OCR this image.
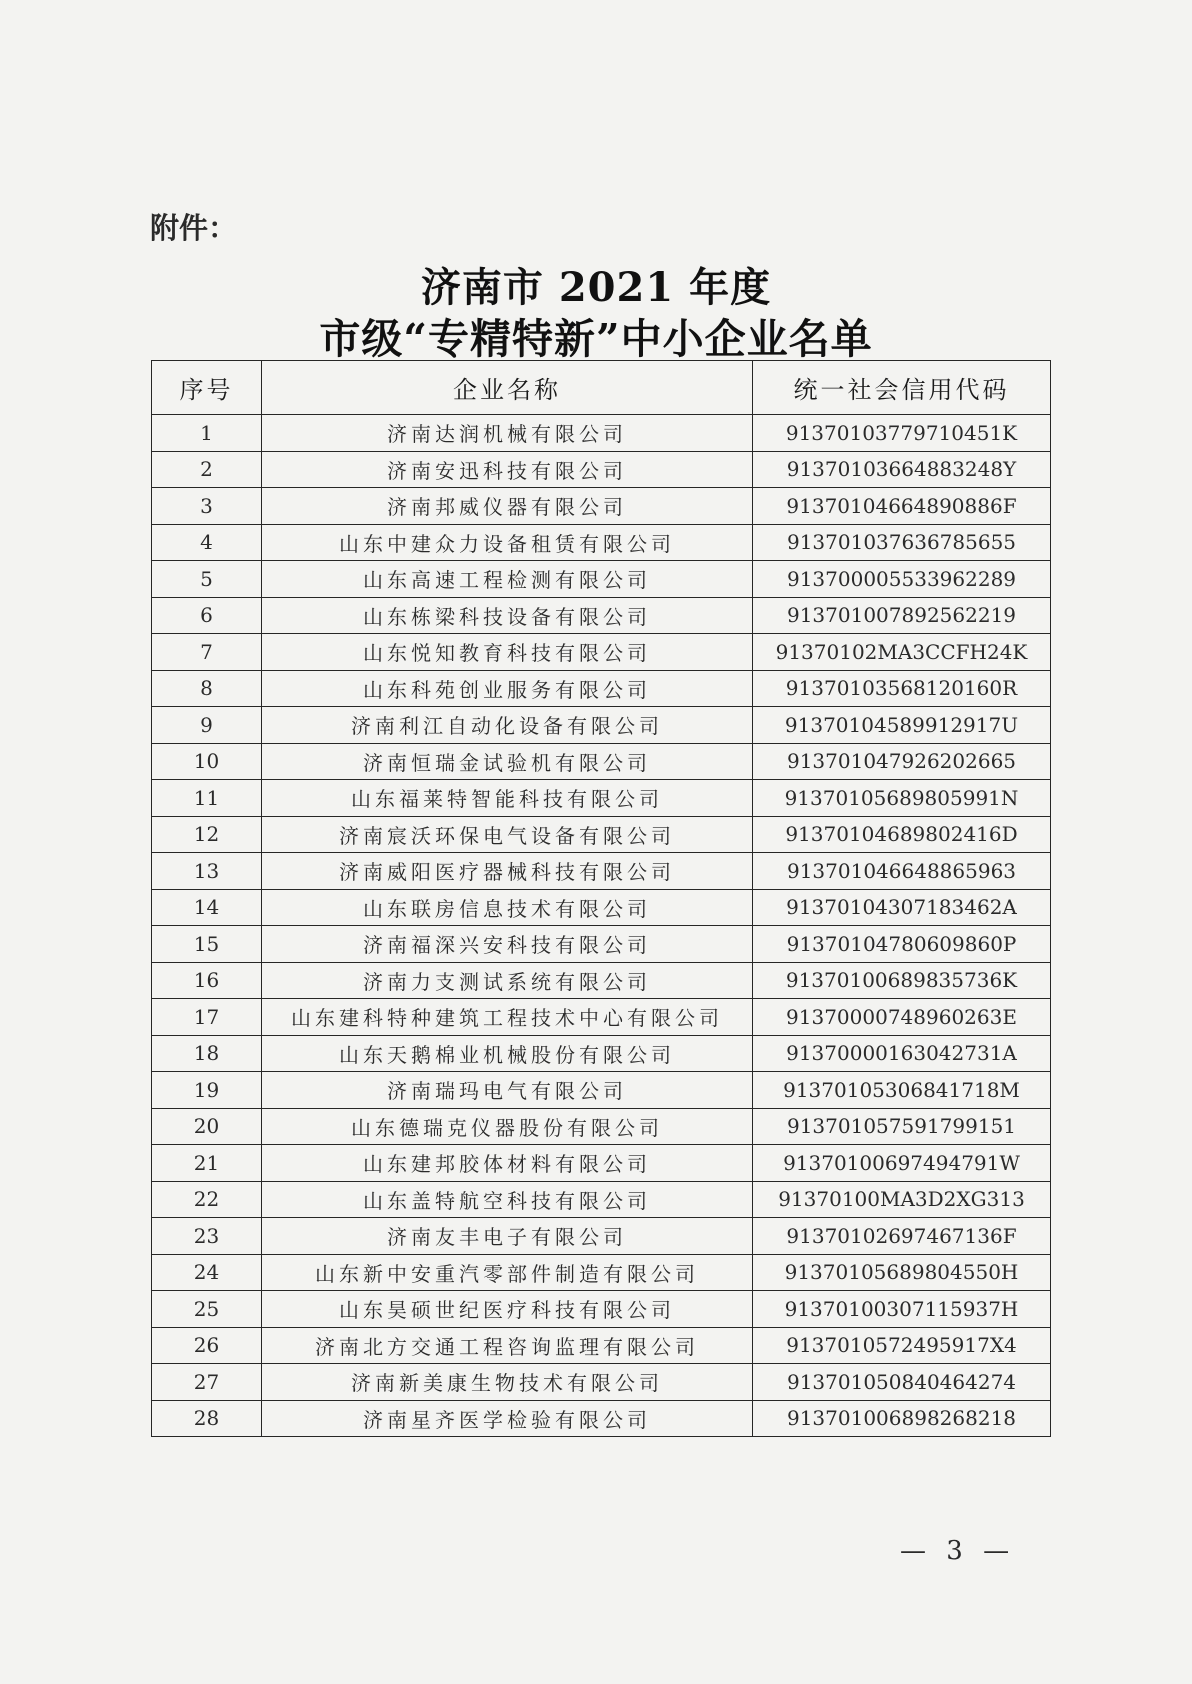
附件：
济南市 2021 年度
市级“专精特新”中小企业名单
序号	企业名称	统一社会信用代码
1	济南达润机械有限公司	91370103779710451K
2	济南安迅科技有限公司	91370103664883248Y
3	济南邦威仪器有限公司	91370104664890886F
4	山东中建众力设备租赁有限公司	913701037636785655
5	山东高速工程检测有限公司	913700005533962289
6	山东栋梁科技设备有限公司	913701007892562219
7	山东悦知教育科技有限公司	91370102MA3CCFH24K
8	山东科苑创业服务有限公司	91370103568120160R
9	济南利江自动化设备有限公司	91370104589912917U
10	济南恒瑞金试验机有限公司	913701047926202665
11	山东福莱特智能科技有限公司	91370105689805991N
12	济南宸沃环保电气设备有限公司	91370104689802416D
13	济南威阳医疗器械科技有限公司	913701046648865963
14	山东联房信息技术有限公司	91370104307183462A
15	济南福深兴安科技有限公司	91370104780609860P
16	济南力支测试系统有限公司	91370100689835736K
17	山东建科特种建筑工程技术中心有限公司	91370000748960263E
18	山东天鹅棉业机械股份有限公司	91370000163042731A
19	济南瑞玛电气有限公司	91370105306841718M
20	山东德瑞克仪器股份有限公司	913701057591799151
21	山东建邦胶体材料有限公司	91370100697494791W
22	山东盖特航空科技有限公司	91370100MA3D2XG313
23	济南友丰电子有限公司	91370102697467136F
24	山东新中安重汽零部件制造有限公司	91370105689804550H
25	山东昊硕世纪医疗科技有限公司	91370100307115937H
26	济南北方交通工程咨询监理有限公司	9137010572495917X4
27	济南新美康生物技术有限公司	913701050840464274
28	济南星齐医学检验有限公司	913701006898268218
— 3 —
